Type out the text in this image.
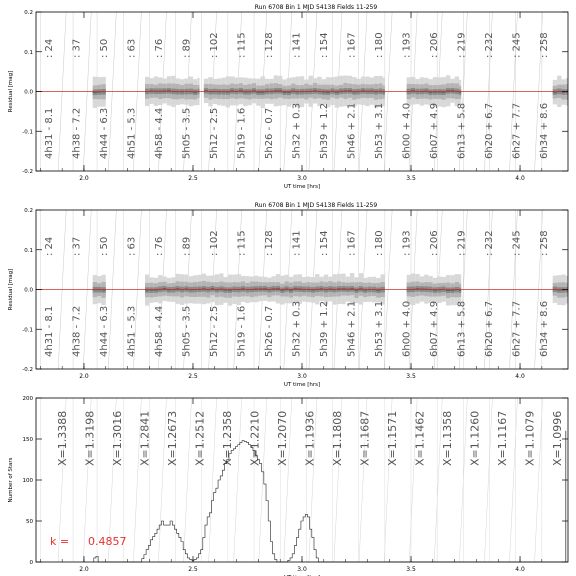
: 24
4h31 - 8.1
: 37
4h38 - 7.2
: 50
4h44 - 6.3
: 63
4h51 - 5.3
: 76
4h58 - 4.4
: 89
5h05 - 3.5
: 102
5h12 - 2.5
: 115
5h19 - 1.6
: 128
5h26 - 0.7
: 141
5h32 + 0.3
: 154
5h39 + 1.2
: 167
5h46 + 2.1
: 180
5h53 + 3.1
: 193
6h00 + 4.0
: 206
6h07 + 4.9
: 219
6h13 + 5.8
: 232
6h20 + 6.7
: 245
6h27 + 7.7
: 258
6h34 + 8.6
2.0	2.5	3.0	3.5	4.0
-0.2
-0.1
0.0
0.1
0.2
UT time [hrs]
Residual [mag]
Run 6708 Bin 1 MJD 54138 Fields 11-259
: 24
4h31 - 8.1
: 37
4h38 - 7.2
: 50
4h44 - 6.3
: 63
4h51 - 5.3
: 76
4h58 - 4.4
: 89
5h05 - 3.5
: 102
5h12 - 2.5
: 115
5h19 - 1.6
: 128
5h26 - 0.7
: 141
5h32 + 0.3
: 154
5h39 + 1.2
: 167
5h46 + 2.1
: 180
5h53 + 3.1
: 193
6h00 + 4.0
: 206
6h07 + 4.9
: 219
6h13 + 5.8
: 232
6h20 + 6.7
: 245
6h27 + 7.7
: 258
6h34 + 8.6
2.0	2.5	3.0	3.5	4.0
-0.2
-0.1
0.0
0.1
0.2
UT time [hrs]
Residual [mag]
Run 6708 Bin 1 MJD 54138 Fields 11-259
X=1.3388 X=1.3198 X=1.3016 X=1.2841 X=1.2673 X=1.2512 X=1.2358 X=1.2210 X=1.2070 X=1.1936 X=1.1808 X=1.1687 X=1.1571 X=1.1462 X=1.1358 X=1.1260 X=1.1167 X=1.1079 X=1.0996
k = 0.4857
2.0	2.5	3.0	3.5	4.0
0
50
100
150
200
Number of Stars
